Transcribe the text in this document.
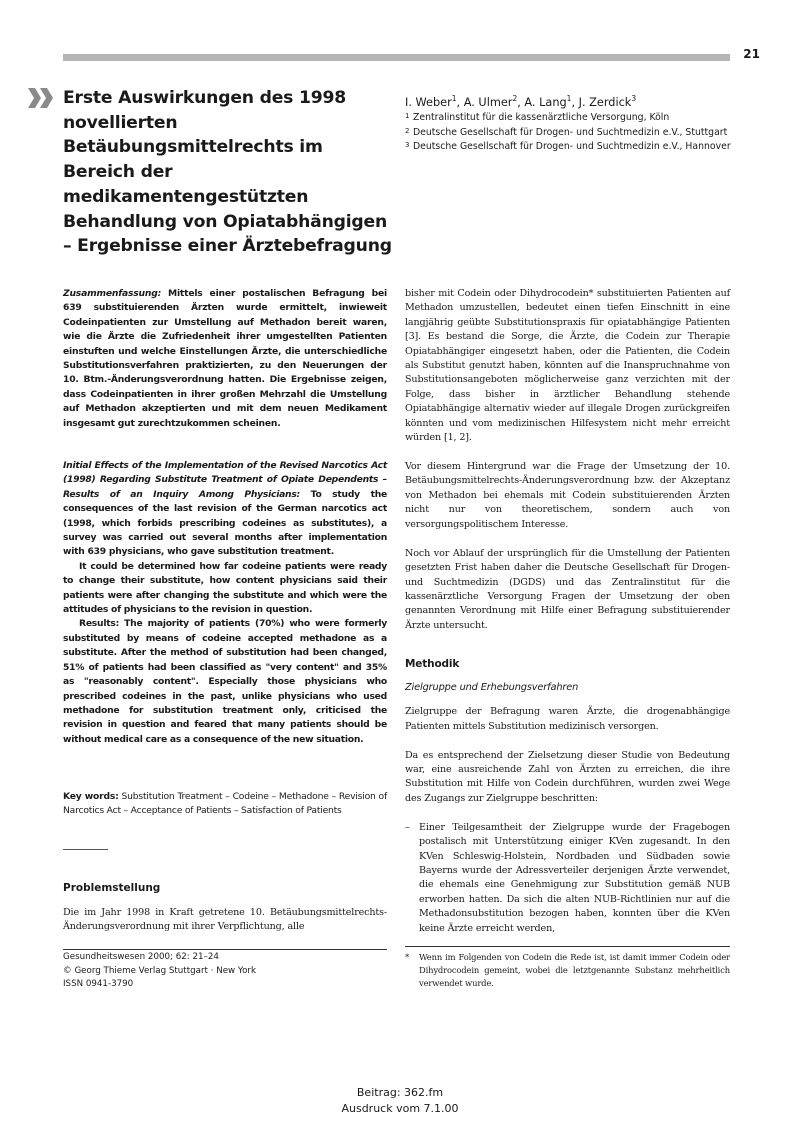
21
Erste Auswirkungen des 1998 novellierten Betäubungsmittelrechts im Bereich der medikamentengestützten Behandlung von Opiatabhängigen – Ergebnisse einer Ärztebefragung
I. Weber$^1$, A. Ulmer$^2$, A. Lang$^1$, J. Zerdick$^3$
1 Zentralinstitut für die kassenärztliche Versorgung, Köln
2 Deutsche Gesellschaft für Drogen- und Suchtmedizin e.V., Stuttgart
3 Deutsche Gesellschaft für Drogen- und Suchtmedizin e.V., Hannover

Zusammenfassung: Mittels einer postalischen Befragung bei 639 substituierenden Ärzten wurde ermittelt, inwieweit Codeinpatienten zur Umstellung auf Methadon bereit waren, wie die Ärzte die Zufriedenheit ihrer umgestellten Patienten einstuften und welche Einstellungen Ärzte, die unterschiedliche Substitutionsverfahren praktizierten, zu den Neuerungen der 10. Btm.-Änderungsverordnung hatten. Die Ergebnisse zeigen, dass Codeinpatienten in ihrer großen Mehrzahl die Umstellung auf Methadon akzeptierten und mit dem neuen Medikament insgesamt gut zurechtzukommen scheinen.

Initial Effects of the Implementation of the Revised Narcotics Act (1998) Regarding Substitute Treatment of Opiate Dependents – Results of an Inquiry Among Physicians: To study the consequences of the last revision of the German narcotics act (1998, which forbids prescribing codeines as substitutes), a survey was carried out several months after implementation with 639 physicians, who gave substitution treatment.

It could be determined how far codeine patients were ready to change their substitute, how content physicians said their patients were after changing the substitute and which were the attitudes of physicians to the revision in question.

Results: The majority of patients (70%) who were formerly substituted by means of codeine accepted methadone as a substitute. After the method of substitution had been changed, 51% of patients had been classified as "very content" and 35% as "reasonably content". Especially those physicians who prescribed codeines in the past, unlike physicians who used methadone for substitution treatment only, criticised the revision in question and feared that many patients should be without medical care as a consequence of the new situation.

Key words: Substitution Treatment – Codeine – Methadone – Revision of Narcotics Act – Acceptance of Patients – Satisfaction of Patients

Problemstellung

Die im Jahr 1998 in Kraft getretene 10. Betäubungsmittelrechts-Änderungsverordnung mit ihrer Verpflichtung, alle

Gesundheitswesen 2000; 62: 21–24
© Georg Thieme Verlag Stuttgart · New York
ISSN 0941-3790

bisher mit Codein oder Dihydrocodein* substituierten Patienten auf Methadon umzustellen, bedeutet einen tiefen Einschnitt in eine langjährig geübte Substitutionspraxis für opiatabhängige Patienten [3]. Es bestand die Sorge, die Ärzte, die Codein zur Therapie Opiatabhängiger eingesetzt haben, oder die Patienten, die Codein als Substitut genutzt haben, könnten auf die Inanspruchnahme von Substitutionsangeboten möglicherweise ganz verzichten mit der Folge, dass bisher in ärztlicher Behandlung stehende Opiatabhängige alternativ wieder auf illegale Drogen zurückgreifen könnten und vom medizinischen Hilfesystem nicht mehr erreicht würden [1, 2].

Vor diesem Hintergrund war die Frage der Umsetzung der 10. Betäubungsmittelrechts-Änderungsverordnung bzw. der Akzeptanz von Methadon bei ehemals mit Codein substituierenden Ärzten nicht nur von theoretischem, sondern auch von versorgungspolitischem Interesse.

Noch vor Ablauf der ursprünglich für die Umstellung der Patienten gesetzten Frist haben daher die Deutsche Gesellschaft für Drogen- und Suchtmedizin (DGDS) und das Zentralinstitut für die kassenärztliche Versorgung Fragen der Umsetzung der oben genannten Verordnung mit Hilfe einer Befragung substituierender Ärzte untersucht.

Methodik
Zielgruppe und Erhebungsverfahren

Zielgruppe der Befragung waren Ärzte, die drogenabhängige Patienten mittels Substitution medizinisch versorgen.

Da es entsprechend der Zielsetzung dieser Studie von Bedeutung war, eine ausreichende Zahl von Ärzten zu erreichen, die ihre Substitution mit Hilfe von Codein durchführen, wurden zwei Wege des Zugangs zur Zielgruppe beschritten:

– Einer Teilgesamtheit der Zielgruppe wurde der Fragebogen postalisch mit Unterstützung einiger KVen zugesandt. In den KVen Schleswig-Holstein, Nordbaden und Südbaden sowie Bayerns wurde der Adressverteiler derjenigen Ärzte verwendet, die ehemals eine Genehmigung zur Substitution gemäß NUB erworben hatten. Da sich die alten NUB-Richtlinien nur auf die Methadonsubstitution bezogen haben, konnten über die KVen keine Ärzte erreicht werden,
*	Wenn im Folgenden von Codein die Rede ist, ist damit immer Codein oder Dihydrocodein gemeint, wobei die letztgenannte Substanz mehrheitlich verwendet wurde.
Beitrag: 362.fm
Ausdruck vom 7.1.00
